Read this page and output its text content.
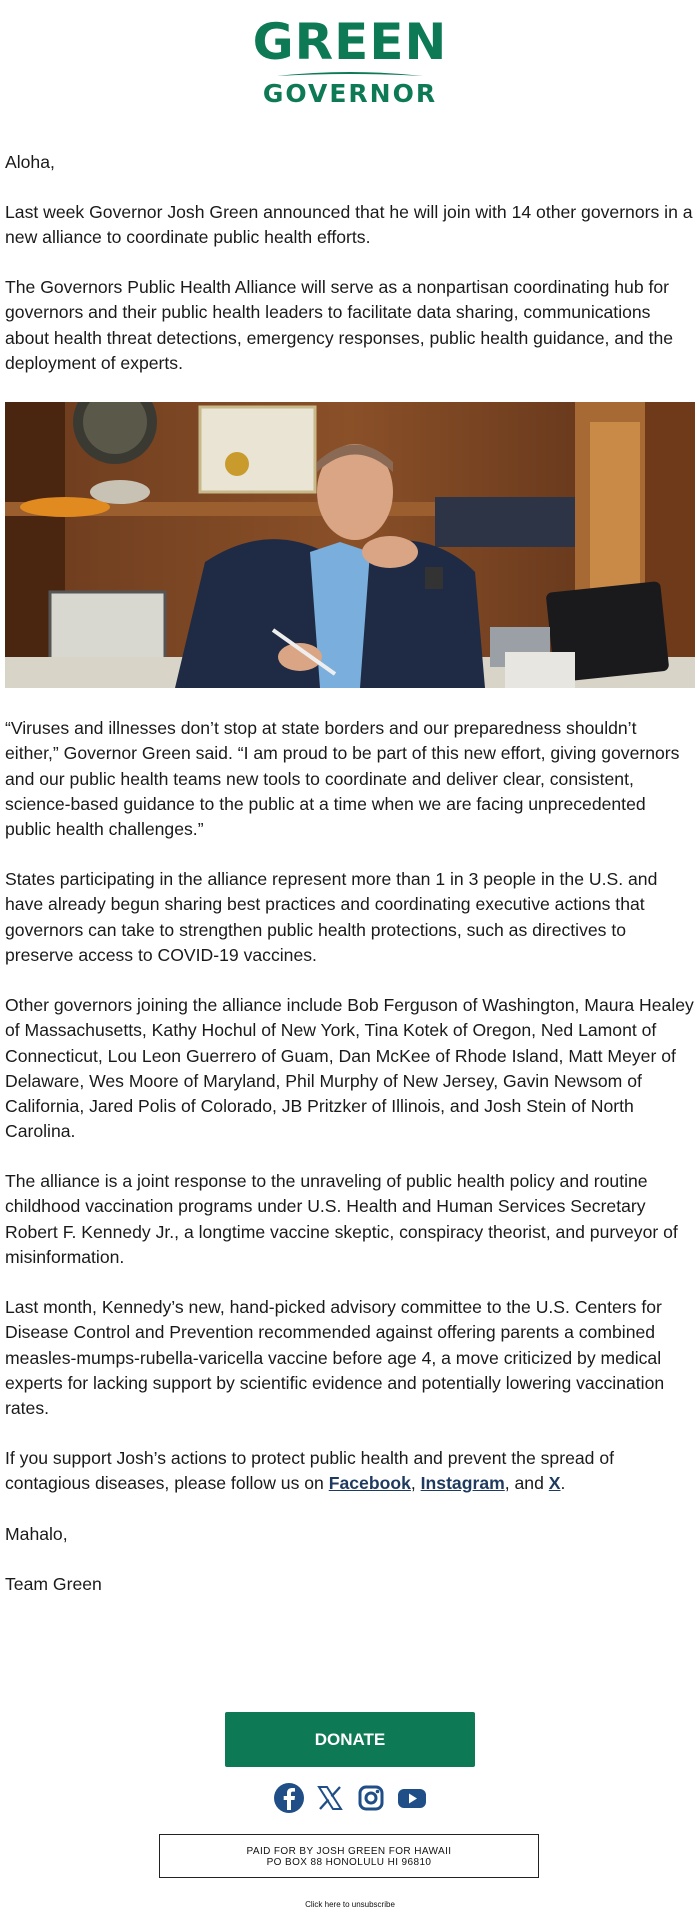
GREEN
GOVERNOR

Aloha,

Last week Governor Josh Green announced that he will join with 14 other governors in a new alliance to coordinate public health efforts.

The Governors Public Health Alliance will serve as a nonpartisan coordinating hub for governors and their public health leaders to facilitate data sharing, communications about health threat detections, emergency responses, public health guidance, and the deployment of experts.

“Viruses and illnesses don’t stop at state borders and our preparedness shouldn’t either,” Governor Green said. “I am proud to be part of this new effort, giving governors and our public health teams new tools to coordinate and deliver clear, consistent, science-based guidance to the public at a time when we are facing unprecedented public health challenges.”

States participating in the alliance represent more than 1 in 3 people in the U.S. and have already begun sharing best practices and coordinating executive actions that governors can take to strengthen public health protections, such as directives to preserve access to COVID-19 vaccines.

Other governors joining the alliance include Bob Ferguson of Washington, Maura Healey of Massachusetts, Kathy Hochul of New York, Tina Kotek of Oregon, Ned Lamont of Connecticut, Lou Leon Guerrero of Guam, Dan McKee of Rhode Island, Matt Meyer of Delaware, Wes Moore of Maryland, Phil Murphy of New Jersey, Gavin Newsom of California, Jared Polis of Colorado, JB Pritzker of Illinois, and Josh Stein of North Carolina.

The alliance is a joint response to the unraveling of public health policy and routine childhood vaccination programs under U.S. Health and Human Services Secretary Robert F. Kennedy Jr., a longtime vaccine skeptic, conspiracy theorist, and purveyor of misinformation.

Last month, Kennedy’s new, hand-picked advisory committee to the U.S. Centers for Disease Control and Prevention recommended against offering parents a combined measles-mumps-rubella-varicella vaccine before age 4, a move criticized by medical experts for lacking support by scientific evidence and potentially lowering vaccination rates.

If you support Josh’s actions to protect public health and prevent the spread of contagious diseases, please follow us on Facebook, Instagram, and X.

Mahalo,

Team Green

DONATE
PAID FOR BY JOSH GREEN FOR HAWAII
PO BOX 88 HONOLULU HI 96810
Click here to unsubscribe
